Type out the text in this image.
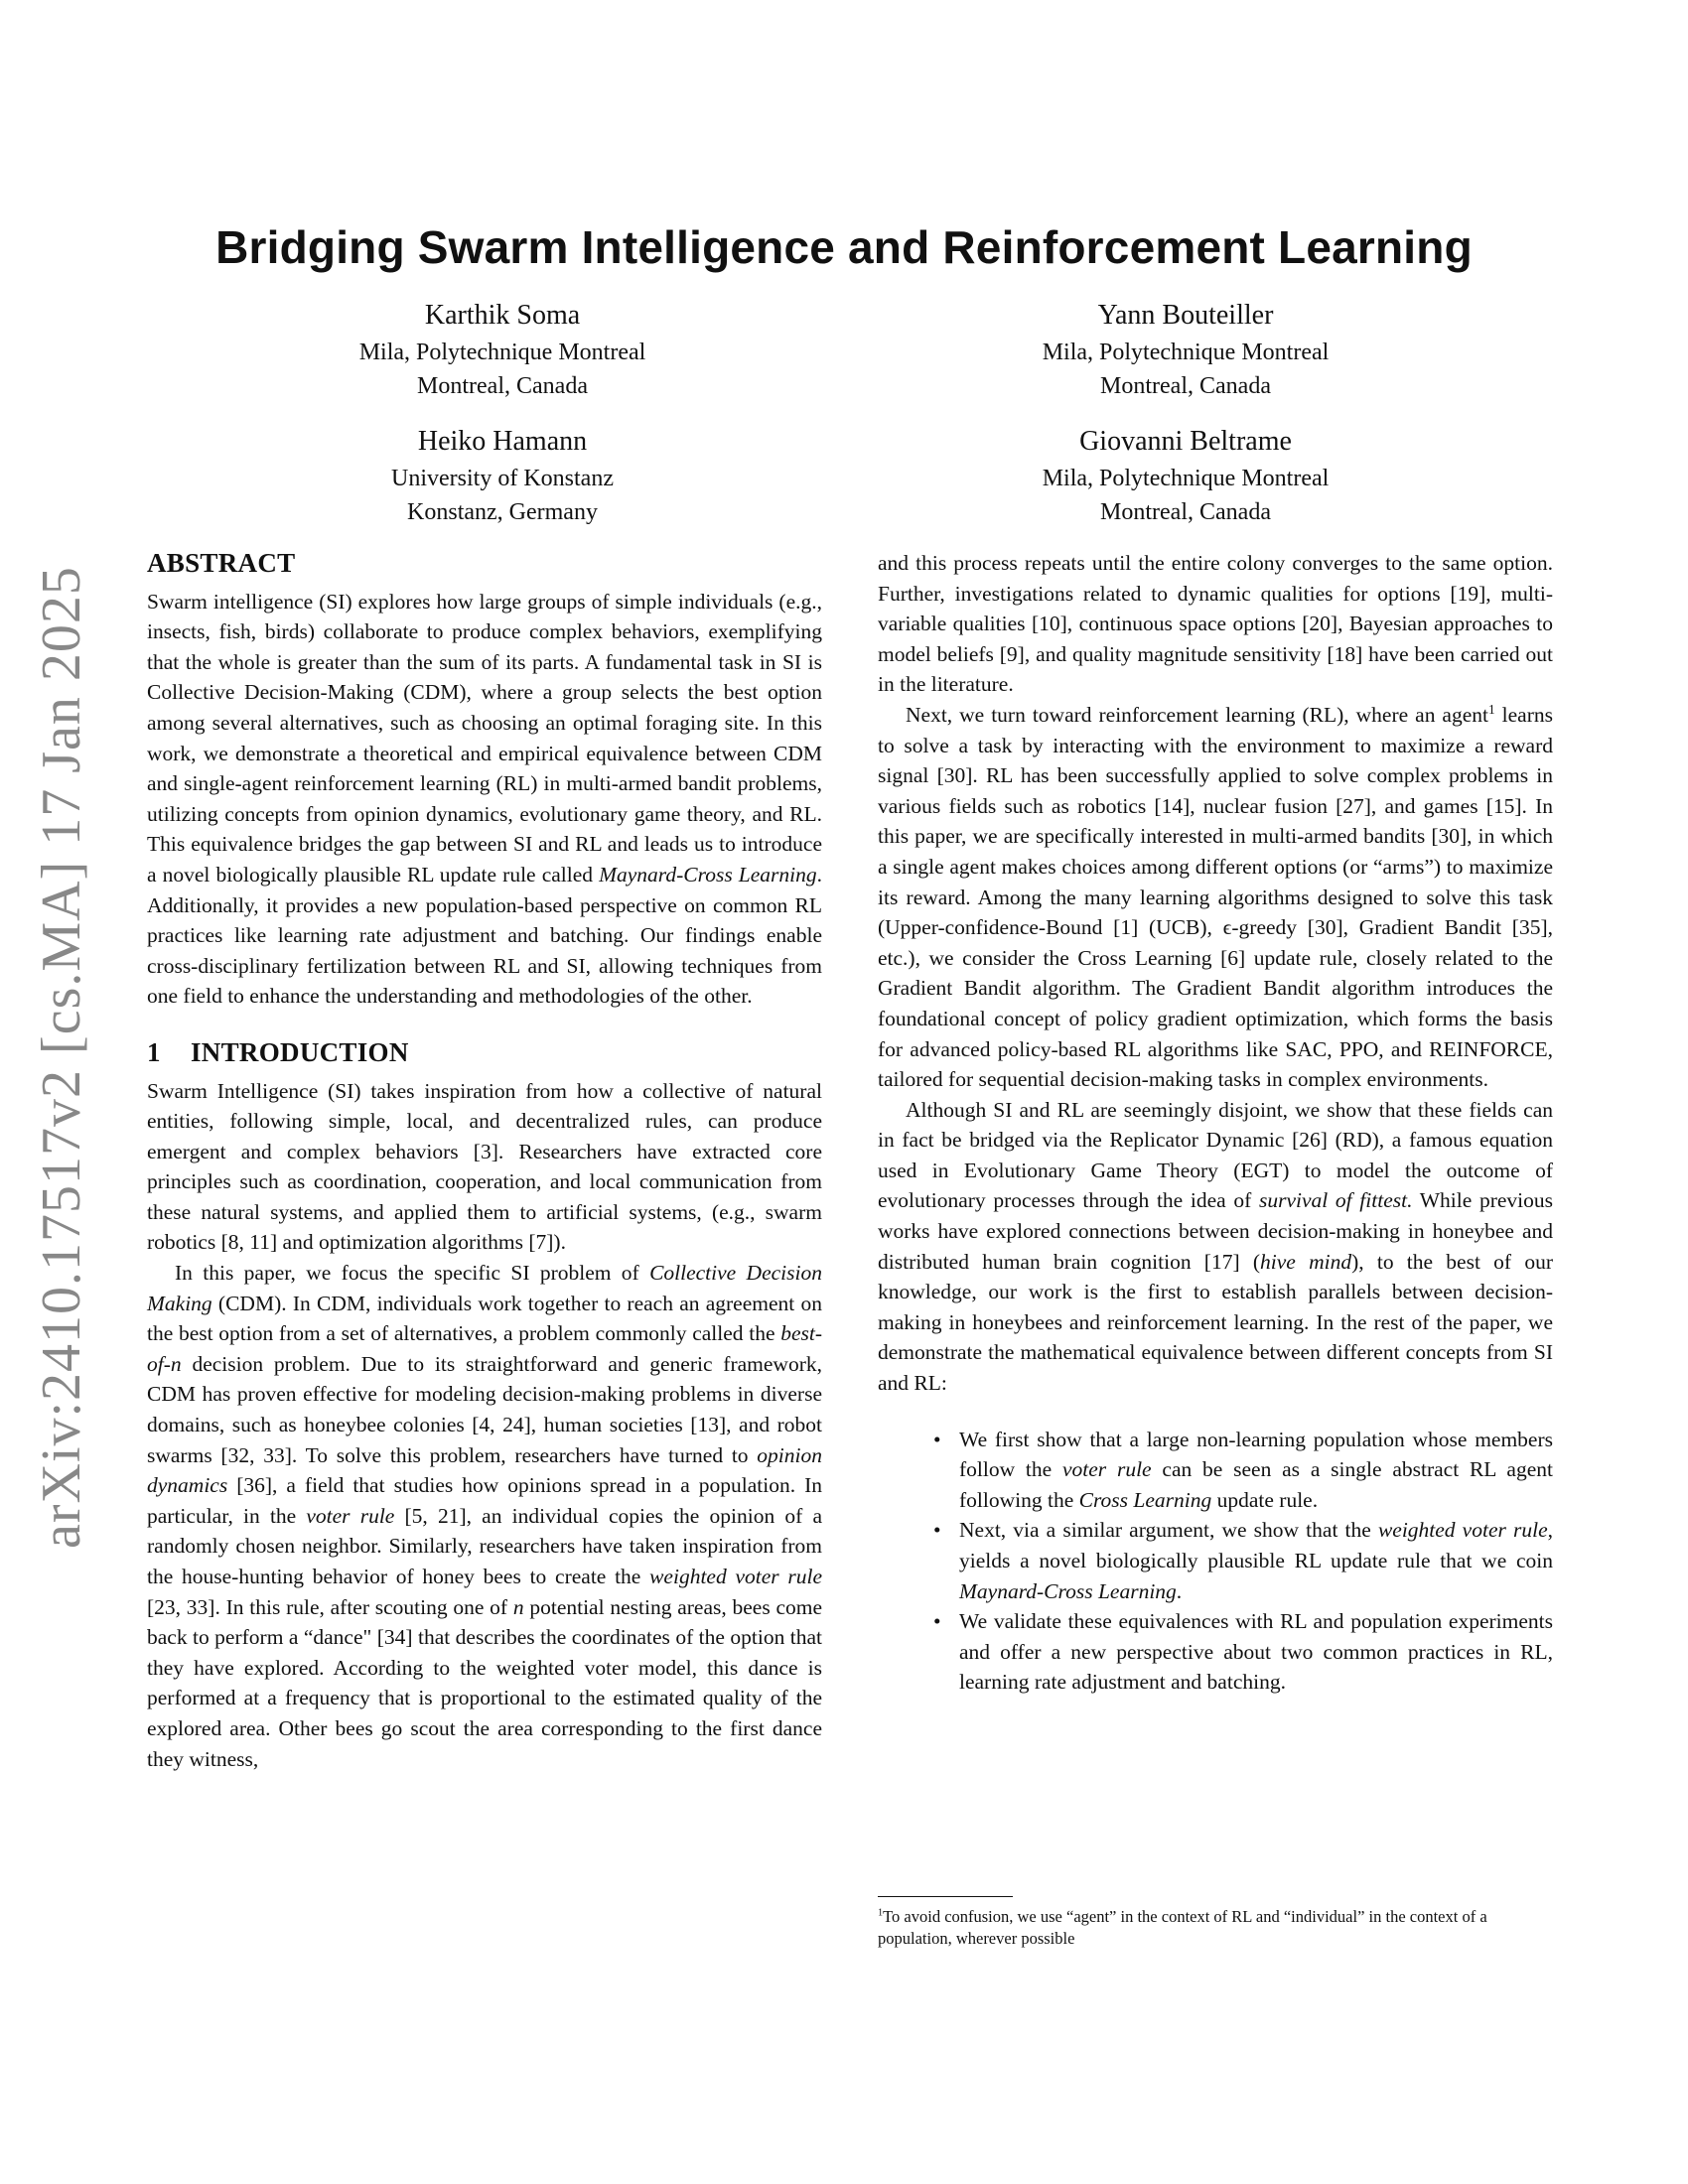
arXiv:2410.17517v2 [cs.MA] 17 Jan 2025
Bridging Swarm Intelligence and Reinforcement Learning
Karthik Soma
Mila, Polytechnique Montreal
Montreal, Canada
Yann Bouteiller
Mila, Polytechnique Montreal
Montreal, Canada
Heiko Hamann
University of Konstanz
Konstanz, Germany
Giovanni Beltrame
Mila, Polytechnique Montreal
Montreal, Canada
ABSTRACT

Swarm intelligence (SI) explores how large groups of simple individuals (e.g., insects, fish, birds) collaborate to produce complex behaviors, exemplifying that the whole is greater than the sum of its parts. A fundamental task in SI is Collective Decision-Making (CDM), where a group selects the best option among several alternatives, such as choosing an optimal foraging site. In this work, we demonstrate a theoretical and empirical equivalence between CDM and single-agent reinforcement learning (RL) in multi-armed bandit problems, utilizing concepts from opinion dynamics, evolutionary game theory, and RL. This equivalence bridges the gap between SI and RL and leads us to introduce a novel biologically plausible RL update rule called Maynard-Cross Learning. Additionally, it provides a new population-based perspective on common RL practices like learning rate adjustment and batching. Our findings enable cross-disciplinary fertilization between RL and SI, allowing techniques from one field to enhance the understanding and methodologies of the other.

1 INTRODUCTION

Swarm Intelligence (SI) takes inspiration from how a collective of natural entities, following simple, local, and decentralized rules, can produce emergent and complex behaviors [3]. Researchers have extracted core principles such as coordination, cooperation, and local communication from these natural systems, and applied them to artificial systems, (e.g., swarm robotics [8, 11] and optimization algorithms [7]).

In this paper, we focus the specific SI problem of Collective Decision Making (CDM). In CDM, individuals work together to reach an agreement on the best option from a set of alternatives, a problem commonly called the best-of-n decision problem. Due to its straightforward and generic framework, CDM has proven effective for modeling decision-making problems in diverse domains, such as honeybee colonies [4, 24], human societies [13], and robot swarms [32, 33]. To solve this problem, researchers have turned to opinion dynamics [36], a field that studies how opinions spread in a population. In particular, in the voter rule [5, 21], an individual copies the opinion of a randomly chosen neighbor. Similarly, researchers have taken inspiration from the house-hunting behavior of honey bees to create the weighted voter rule [23, 33]. In this rule, after scouting one of n potential nesting areas, bees come back to perform a “dance" [34] that describes the coordinates of the option that they have explored. According to the weighted voter model, this dance is performed at a frequency that is proportional to the estimated quality of the explored area. Other bees go scout the area corresponding to the first dance they witness,

and this process repeats until the entire colony converges to the same option. Further, investigations related to dynamic qualities for options [19], multi-variable qualities [10], continuous space options [20], Bayesian approaches to model beliefs [9], and quality magnitude sensitivity [18] have been carried out in the literature.

Next, we turn toward reinforcement learning (RL), where an agent$^1$ learns to solve a task by interacting with the environment to maximize a reward signal [30]. RL has been successfully applied to solve complex problems in various fields such as robotics [14], nuclear fusion [27], and games [15]. In this paper, we are specifically interested in multi-armed bandits [30], in which a single agent makes choices among different options (or “arms”) to maximize its reward. Among the many learning algorithms designed to solve this task (Upper-confidence-Bound [1] (UCB), ϵ-greedy [30], Gradient Bandit [35], etc.), we consider the Cross Learning [6] update rule, closely related to the Gradient Bandit algorithm. The Gradient Bandit algorithm introduces the foundational concept of policy gradient optimization, which forms the basis for advanced policy-based RL algorithms like SAC, PPO, and REINFORCE, tailored for sequential decision-making tasks in complex environments.

Although SI and RL are seemingly disjoint, we show that these fields can in fact be bridged via the Replicator Dynamic [26] (RD), a famous equation used in Evolutionary Game Theory (EGT) to model the outcome of evolutionary processes through the idea of survival of fittest. While previous works have explored connections between decision-making in honeybee and distributed human brain cognition [17] (hive mind), to the best of our knowledge, our work is the first to establish parallels between decision-making in honeybees and reinforcement learning. In the rest of the paper, we demonstrate the mathematical equivalence between different concepts from SI and RL:

• We first show that a large non-learning population whose members follow the voter rule can be seen as a single abstract RL agent following the Cross Learning update rule.
• Next, via a similar argument, we show that the weighted voter rule, yields a novel biologically plausible RL update rule that we coin Maynard-Cross Learning.
• We validate these equivalences with RL and population experiments and offer a new perspective about two common practices in RL, learning rate adjustment and batching.
$^1$To avoid confusion, we use “agent” in the context of RL and “individual” in the context of a population, wherever possible
